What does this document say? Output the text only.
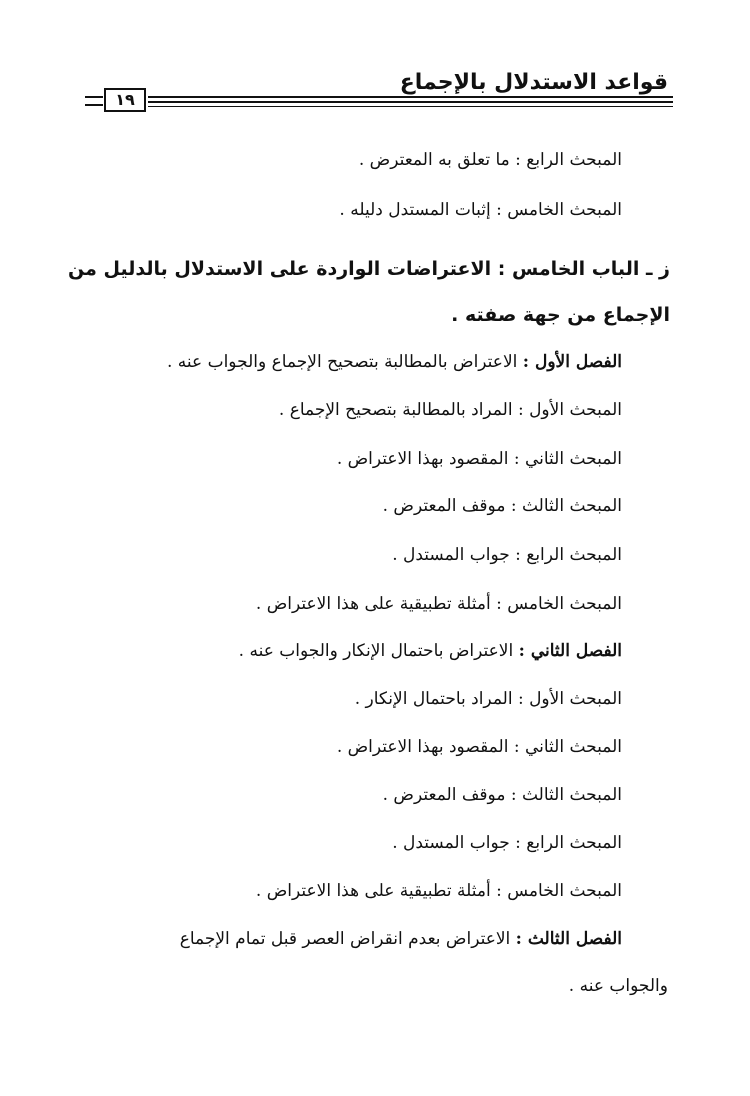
قواعد الاستدلال بالإجماع
١٩
المبحث الرابع : ما تعلق به المعترض .
المبحث الخامس : إثبات المستدل دليله .
ز ـ الباب الخامس : الاعتراضات الواردة على الاستدلال بالدليل من
الإجماع من جهة صفته .
الفصل الأول : الاعتراض بالمطالبة بتصحيح الإجماع والجواب عنه .
المبحث الأول : المراد بالمطالبة بتصحيح الإجماع .
المبحث الثاني : المقصود بهذا الاعتراض .
المبحث الثالث : موقف المعترض .
المبحث الرابع : جواب المستدل .
المبحث الخامس : أمثلة تطبيقية على هذا الاعتراض .
الفصل الثاني : الاعتراض باحتمال الإنكار والجواب عنه .
المبحث الأول : المراد باحتمال الإنكار .
المبحث الثاني : المقصود بهذا الاعتراض .
المبحث الثالث : موقف المعترض .
المبحث الرابع : جواب المستدل .
المبحث الخامس : أمثلة تطبيقية على هذا الاعتراض .
الفصل الثالث : الاعتراض بعدم انقراض العصر قبل تمام الإجماع
والجواب عنه .
